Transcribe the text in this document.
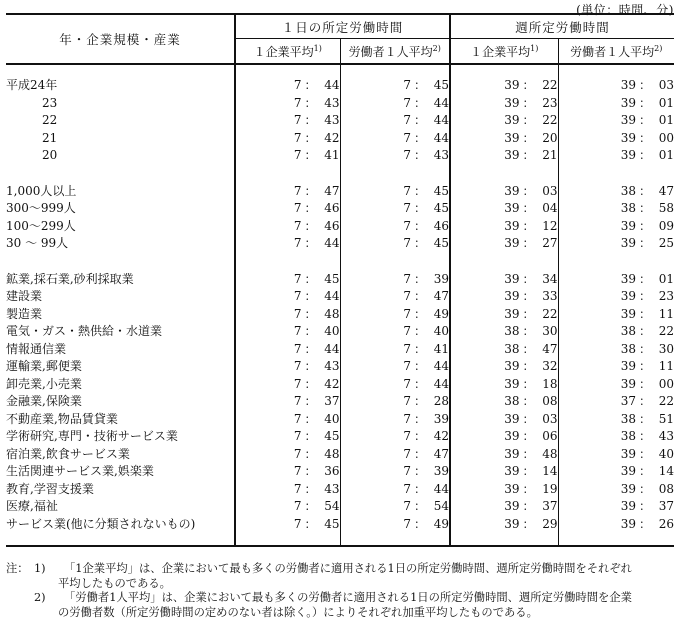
(単位：時間、分)
年・企業規模・産業	１日の所定労働時間		週所定労働時間	
	１企業平均$^{1)}$	労働者１人平均$^{2)}$	１企業平均$^{1)}$	労働者１人平均$^{2)}$

平成24年	7 ： 44	7 ： 45	39 ： 22	39 ： 03
23	7 ： 43	7 ： 44	39 ： 23	39 ： 01
22	7 ： 43	7 ： 44	39 ： 22	39 ： 01
21	7 ： 42	7 ： 44	39 ： 20	39 ： 00
20	7 ： 41	7 ： 43	39 ： 21	39 ： 01

1,000人以上	7 ： 47	7 ： 45	39 ： 03	38 ： 47
300～999人	7 ： 46	7 ： 45	39 ： 04	38 ： 58
100～299人	7 ： 46	7 ： 46	39 ： 12	39 ： 09
30 ～ 99人	7 ： 44	7 ： 45	39 ： 27	39 ： 25

鉱業,採石業,砂利採取業	7 ： 45	7 ： 39	39 ： 34	39 ： 01
建設業	7 ： 44	7 ： 47	39 ： 33	39 ： 23
製造業	7 ： 48	7 ： 49	39 ： 22	39 ： 11
電気・ガス・熱供給・水道業	7 ： 40	7 ： 40	38 ： 30	38 ： 22
情報通信業	7 ： 44	7 ： 41	38 ： 47	38 ： 30
運輸業,郵便業	7 ： 43	7 ： 44	39 ： 32	39 ： 11
卸売業,小売業	7 ： 42	7 ： 44	39 ： 18	39 ： 00
金融業,保険業	7 ： 37	7 ： 28	38 ： 08	37 ： 22
不動産業,物品賃貸業	7 ： 40	7 ： 39	39 ： 03	38 ： 51
学術研究,専門・技術サービス業	7 ： 45	7 ： 42	39 ： 06	38 ： 43
宿泊業,飲食サービス業	7 ： 48	7 ： 47	39 ： 48	39 ： 40
生活関連サービス業,娯楽業	7 ： 36	7 ： 39	39 ： 14	39 ： 14
教育,学習支援業	7 ： 43	7 ： 44	39 ： 19	39 ： 08
医療,福祉	7 ： 54	7 ： 54	39 ： 37	39 ： 37
サービス業(他に分類されないもの)	7 ： 45	7 ： 49	39 ： 29	39 ： 26

注： 1)	「1企業平均」は、企業において最も多くの労働者に適用される1日の所定労働時間、週所定労働時間をそれぞれ
平均したものである。
2)	「労働者1人平均」は、企業において最も多くの労働者に適用される1日の所定労働時間、週所定労働時間を企業
の労働者数（所定労働時間の定めのない者は除く。）によりそれぞれ加重平均したものである。
